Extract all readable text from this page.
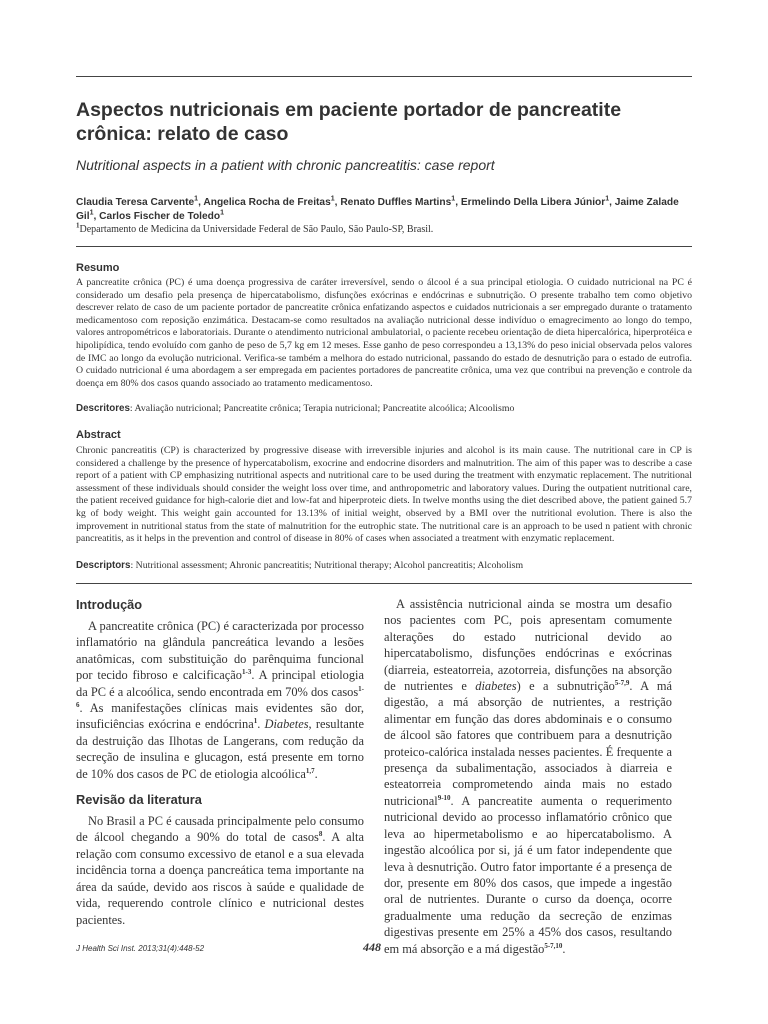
Aspectos nutricionais em paciente portador de pancreatite crônica: relato de caso

Nutritional aspects in a patient with chronic pancreatitis: case report

Claudia Teresa Carvente$^1$, Angelica Rocha de Freitas$^1$, Renato Duffles Martins$^1$, Ermelindo Della Libera Júnior$^1$, Jaime Zalade Gil$^1$, Carlos Fischer de Toledo$^1$
$^1$Departamento de Medicina da Universidade Federal de São Paulo, São Paulo-SP, Brasil.
Resumo

A pancreatite crônica (PC) é uma doença progressiva de caráter irreversível, sendo o álcool é a sua principal etiologia. O cuidado nutricional na PC é considerado um desafio pela presença de hipercatabolismo, disfunções exócrinas e endócrinas e subnutrição. O presente trabalho tem como objetivo descrever relato de caso de um paciente portador de pancreatite crônica enfatizando aspectos e cuidados nutricionais a ser empregado durante o tratamento medicamentoso com reposição enzimática. Destacam-se como resultados na avaliação nutricional desse indivíduo o emagrecimento ao longo do tempo, valores antropométricos e laboratoriais. Durante o atendimento nutricional ambulatorial, o paciente recebeu orientação de dieta hipercalórica, hiperprotéica e hipolipídica, tendo evoluído com ganho de peso de 5,7 kg em 12 meses. Esse ganho de peso correspondeu a 13,13% do peso inicial observada pelos valores de IMC ao longo da evolução nutricional. Verifica-se também a melhora do estado nutricional, passando do estado de desnutrição para o estado de eutrofia. O cuidado nutricional é uma abordagem a ser empregada em pacientes portadores de pancreatite crônica, uma vez que contribui na prevenção e controle da doença em 80% dos casos quando associado ao tratamento medicamentoso.

Descritores: Avaliação nutricional; Pancreatite crônica; Terapia nutricional; Pancreatite alcoólica; Alcoolismo

Abstract

Chronic pancreatitis (CP) is characterized by progressive disease with irreversible injuries and alcohol is its main cause. The nutritional care in CP is considered a challenge by the presence of hypercatabolism, exocrine and endocrine disorders and malnutrition. The aim of this paper was to describe a case report of a patient with CP emphasizing nutritional aspects and nutritional care to be used during the treatment with enzymatic replacement. The nutritional assessment of these individuals should consider the weight loss over time, and anthropometric and laboratory values. During the outpatient nutritional care, the patient received guidance for high-calorie diet and low-fat and hiperproteic diets. In twelve months using the diet described above, the patient gained 5.7 kg of body weight. This weight gain accounted for 13.13% of initial weight, observed by a BMI over the nutritional evolution. There is also the improvement in nutritional status from the state of malnutrition for the eutrophic state. The nutritional care is an approach to be used n patient with chronic pancreatitis, as it helps in the prevention and control of disease in 80% of cases when associated a treatment with enzymatic replacement.

Descriptors: Nutritional assessment; Ahronic pancreatitis; Nutritional therapy; Alcohol pancreatitis; Alcoholism

Introdução

A pancreatite crônica (PC) é caracterizada por processo inflamatório na glândula pancreática levando a lesões anatômicas, com substituição do parênquima funcional por tecido fibroso e calcificação$^{1-3}$. A principal etiologia da PC é a alcoólica, sendo encontrada em 70% dos casos$^{1-6}$. As manifestações clínicas mais evidentes são dor, insuficiências exócrina e endócrina$^1$. Diabetes, resultante da destruição das Ilhotas de Langerans, com redução da secreção de insulina e glucagon, está presente em torno de 10% dos casos de PC de etiologia alcoólica$^{1,7}$.

Revisão da literatura

No Brasil a PC é causada principalmente pelo consumo de álcool chegando a 90% do total de casos$^8$. A alta relação com consumo excessivo de etanol e a sua elevada incidência torna a doença pancreática tema importante na área da saúde, devido aos riscos à saúde e qualidade de vida, requerendo controle clínico e nutricional destes pacientes.

A assistência nutricional ainda se mostra um desafio nos pacientes com PC, pois apresentam comumente alterações do estado nutricional devido ao hipercatabolismo, disfunções endócrinas e exócrinas (diarreia, esteatorreia, azotorreia, disfunções na absorção de nutrientes e diabetes) e a subnutrição$^{5-7,9}$. A má digestão, a má absorção de nutrientes, a restrição alimentar em função das dores abdominais e o consumo de álcool são fatores que contribuem para a desnutrição proteico-calórica instalada nesses pacientes. É frequente a presença da subalimentação, associados à diarreia e esteatorreia comprometendo ainda mais no estado nutricional$^{9-10}$. A pancreatite aumenta o requerimento nutricional devido ao processo inflamatório crônico que leva ao hipermetabolismo e ao hipercatabolismo. A ingestão alcoólica por si, já é um fator independente que leva à desnutrição. Outro fator importante é a presença de dor, presente em 80% dos casos, que impede a ingestão oral de nutrientes. Durante o curso da doença, ocorre gradualmente uma redução da secreção de enzimas digestivas presente em 25% a 45% dos casos, resultando em má absorção e a má digestão$^{5-7,10}$.

J Health Sci Inst. 2013;31(4):448-52	448
